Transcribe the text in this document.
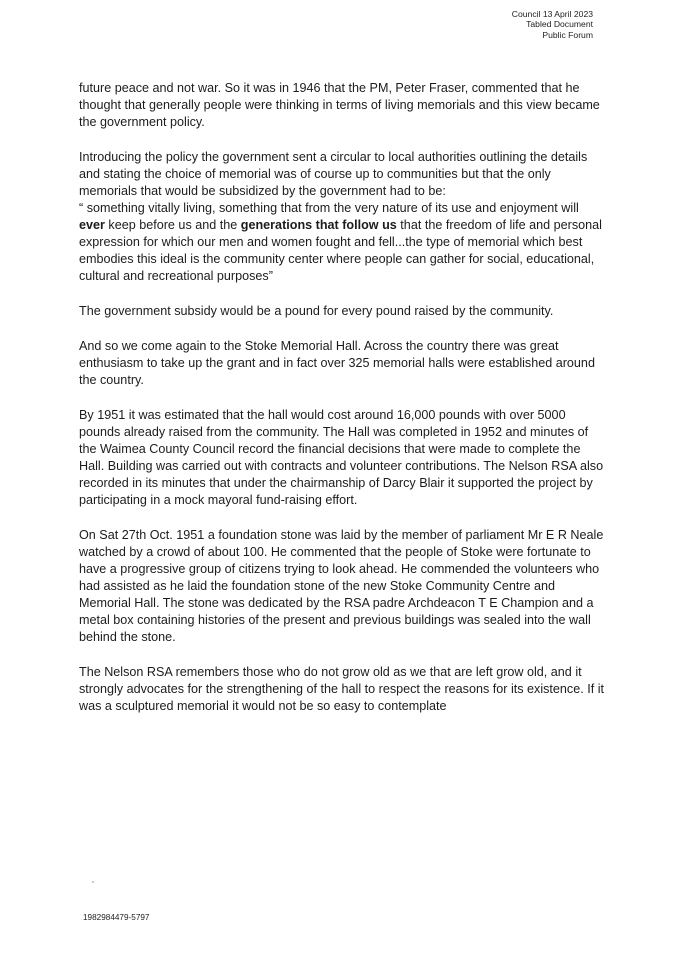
Council 13 April 2023
Tabled Document
Public Forum

future peace and not war. So it was in 1946 that the PM, Peter Fraser, commented that he thought that generally people were thinking in terms of living memorials and this view became the government policy.

Introducing the policy the government sent a circular to local authorities outlining the details and stating the choice of memorial was of course up to communities but that the only memorials that would be subsidized by the government had to be:
“ something vitally living, something that from the very nature of its use and enjoyment will ever keep before us and the generations that follow us that the freedom of life and personal expression for which our men and women fought and fell...the type of memorial which best embodies this ideal is the community center where people can gather for social, educational, cultural and recreational purposes”

The government subsidy would be a pound for every pound raised by the community.

And so we come again to the Stoke Memorial Hall. Across the country there was great enthusiasm to take up the grant and in fact over 325 memorial halls were established around the country.

By 1951 it was estimated that the hall would cost around 16,000 pounds with over 5000 pounds already raised from the community. The Hall was completed in 1952 and minutes of the Waimea County Council record the financial decisions that were made to complete the Hall. Building was carried out with contracts and volunteer contributions. The Nelson RSA also recorded in its minutes that under the chairmanship of Darcy Blair it supported the project by participating in a mock mayoral fund-raising effort.

On Sat 27th Oct. 1951 a foundation stone was laid by the member of parliament Mr E R Neale watched by a crowd of about 100. He commented that the people of Stoke were fortunate to have a progressive group of citizens trying to look ahead. He commended the volunteers who had assisted as he laid the foundation stone of the new Stoke Community Centre and Memorial Hall. The stone was dedicated by the RSA padre Archdeacon T E Champion and a metal box containing histories of the present and previous buildings was sealed into the wall behind the stone.

The Nelson RSA remembers those who do not grow old as we that are left grow old, and it strongly advocates for the strengthening of the hall to respect the reasons for its existence. If it was a sculptured memorial it would not be so easy to contemplate

1982984479-5797
